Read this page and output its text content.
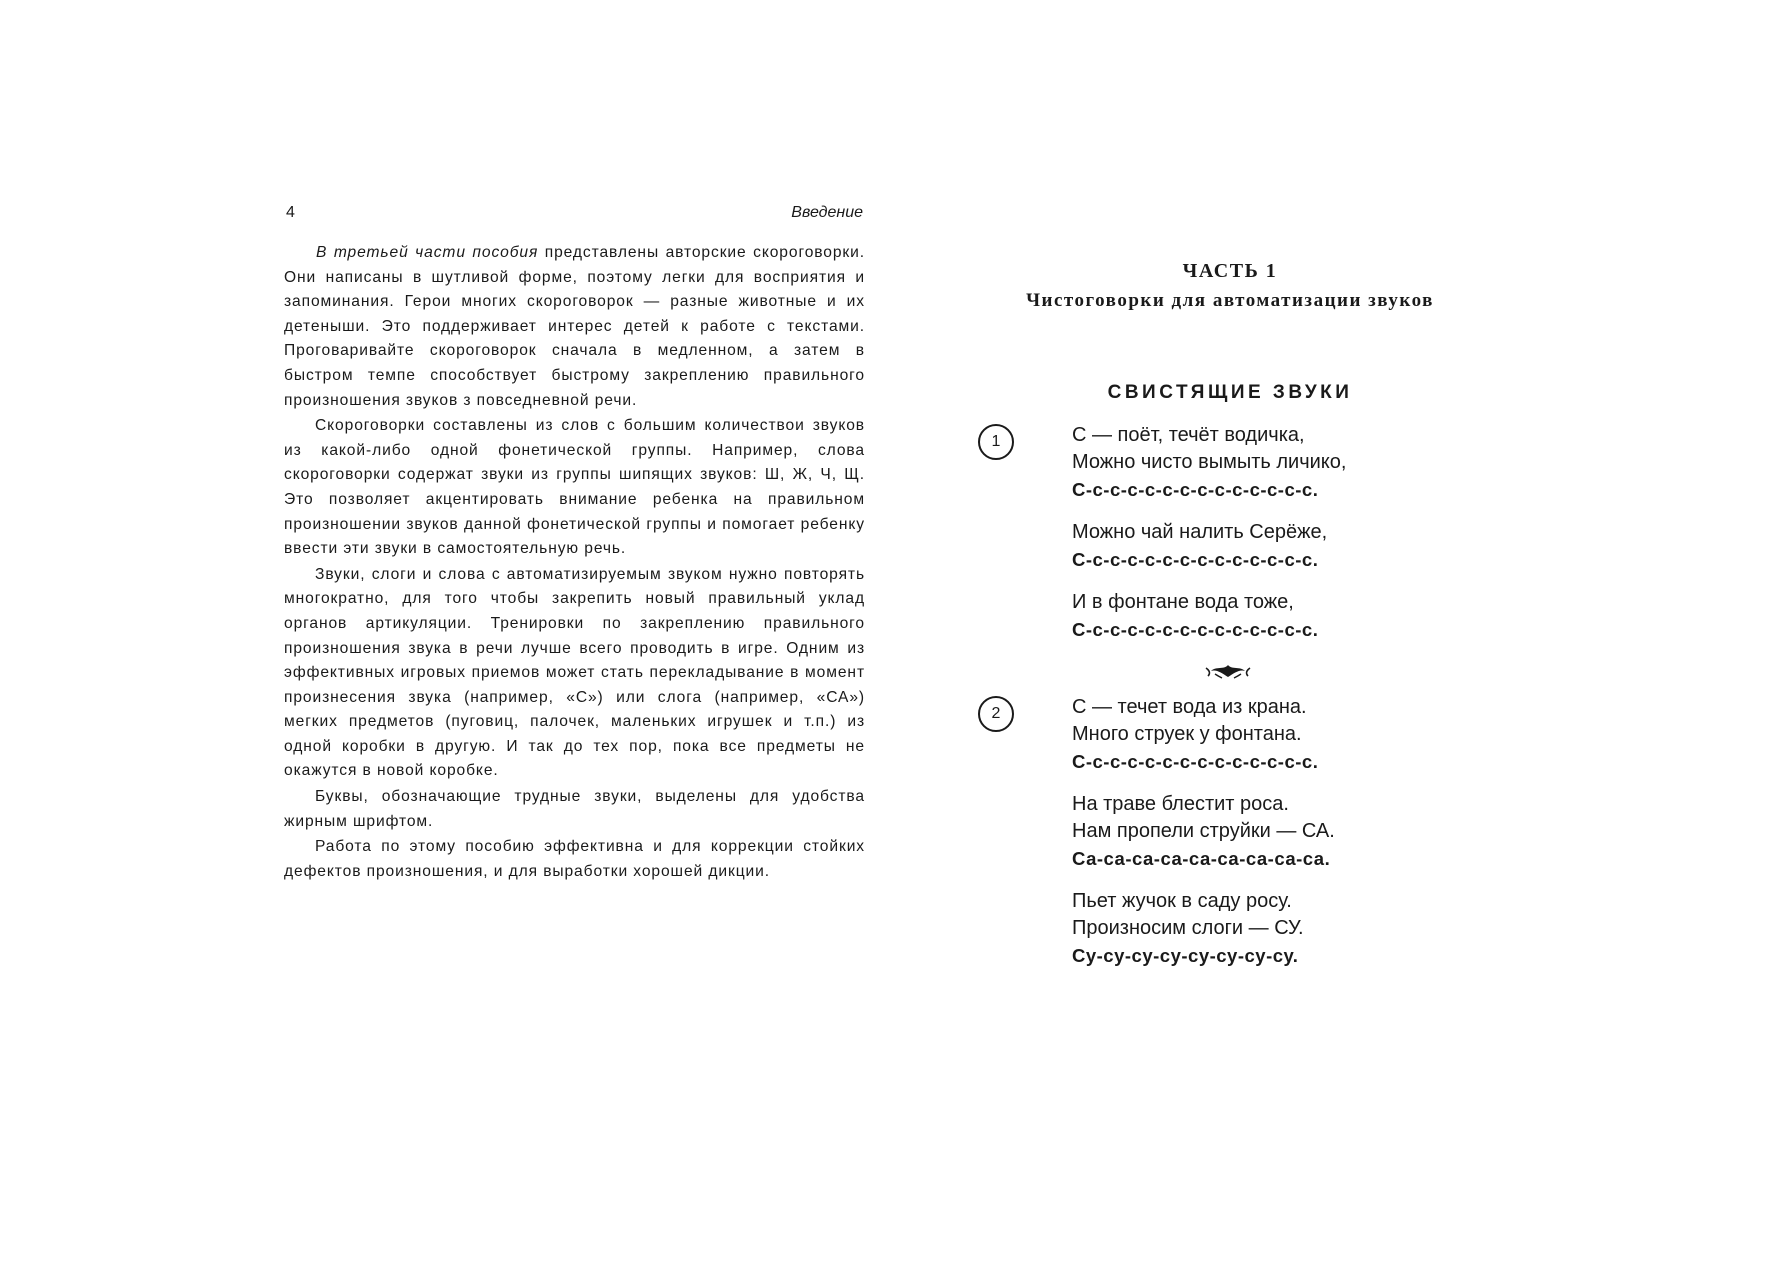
4	Введение

В третьей части пособия представлены авторские скороговорки. Они написаны в шутливой форме, поэтому легки для восприятия и запоминания. Герои многих скороговорок — разные животные и их детеныши. Это поддерживает интерес детей к работе с текстами. Проговаривайте скороговорок сначала в медленном, а затем в быстром темпе способствует быстрому закреплению правильного произношения звуков з повседневной речи.

Скороговорки составлены из слов с большим количествои звуков из какой-либо одной фонетической группы. Например, слова скороговорки содержат звуки из группы шипящих звуков: Ш, Ж, Ч, Щ. Это позволяет акцентировать внимание ребенка на правильном произношении звуков данной фонетической группы и помогает ребенку ввести эти звуки в самостоятельную речь.

Звуки, слоги и слова с автоматизируемым звуком нужно повторять многократно, для того чтобы закрепить новый правильный уклад органов артикуляции. Тренировки по закреплению правильного произношения звука в речи лучше всего проводить в игре. Одним из эффективных игровых приемов может стать перекладывание в момент произнесения звука (например, «С») или слога (например, «СА») мегких предметов (пуговиц, палочек, маленьких игрушек и т.п.) из одной коробки в другую. И так до тех пор, пока все предметы не окажутся в новой коробке.

Буквы, обозначающие трудные звуки, выделены для удобства жирным шрифтом.

Работа по этому пособию эффективна и для коррекции стойких дефектов произношения, и для выработки хорошей дикции.

ЧАСТЬ 1
Чистоговорки для автоматизации звуков
СВИСТЯЩИЕ ЗВУКИ
1	С — поёт, течёт водичка,
Можно чисто вымыть личико,
С-с-с-с-с-с-с-с-с-с-с-с-с-с.
Можно чай налить Серёже,
С-с-с-с-с-с-с-с-с-с-с-с-с-с.
И в фонтане вода тоже,
С-с-с-с-с-с-с-с-с-с-с-с-с-с.
2	С — течет вода из крана.
Много струек у фонтана.
С-с-с-с-с-с-с-с-с-с-с-с-с-с.
На траве блестит роса.
Нам пропели струйки — СА.
Са-са-са-са-са-са-са-са-са.
Пьет жучок в саду росу.
Произносим слоги — СУ.
Су-су-су-су-су-су-су-су.
